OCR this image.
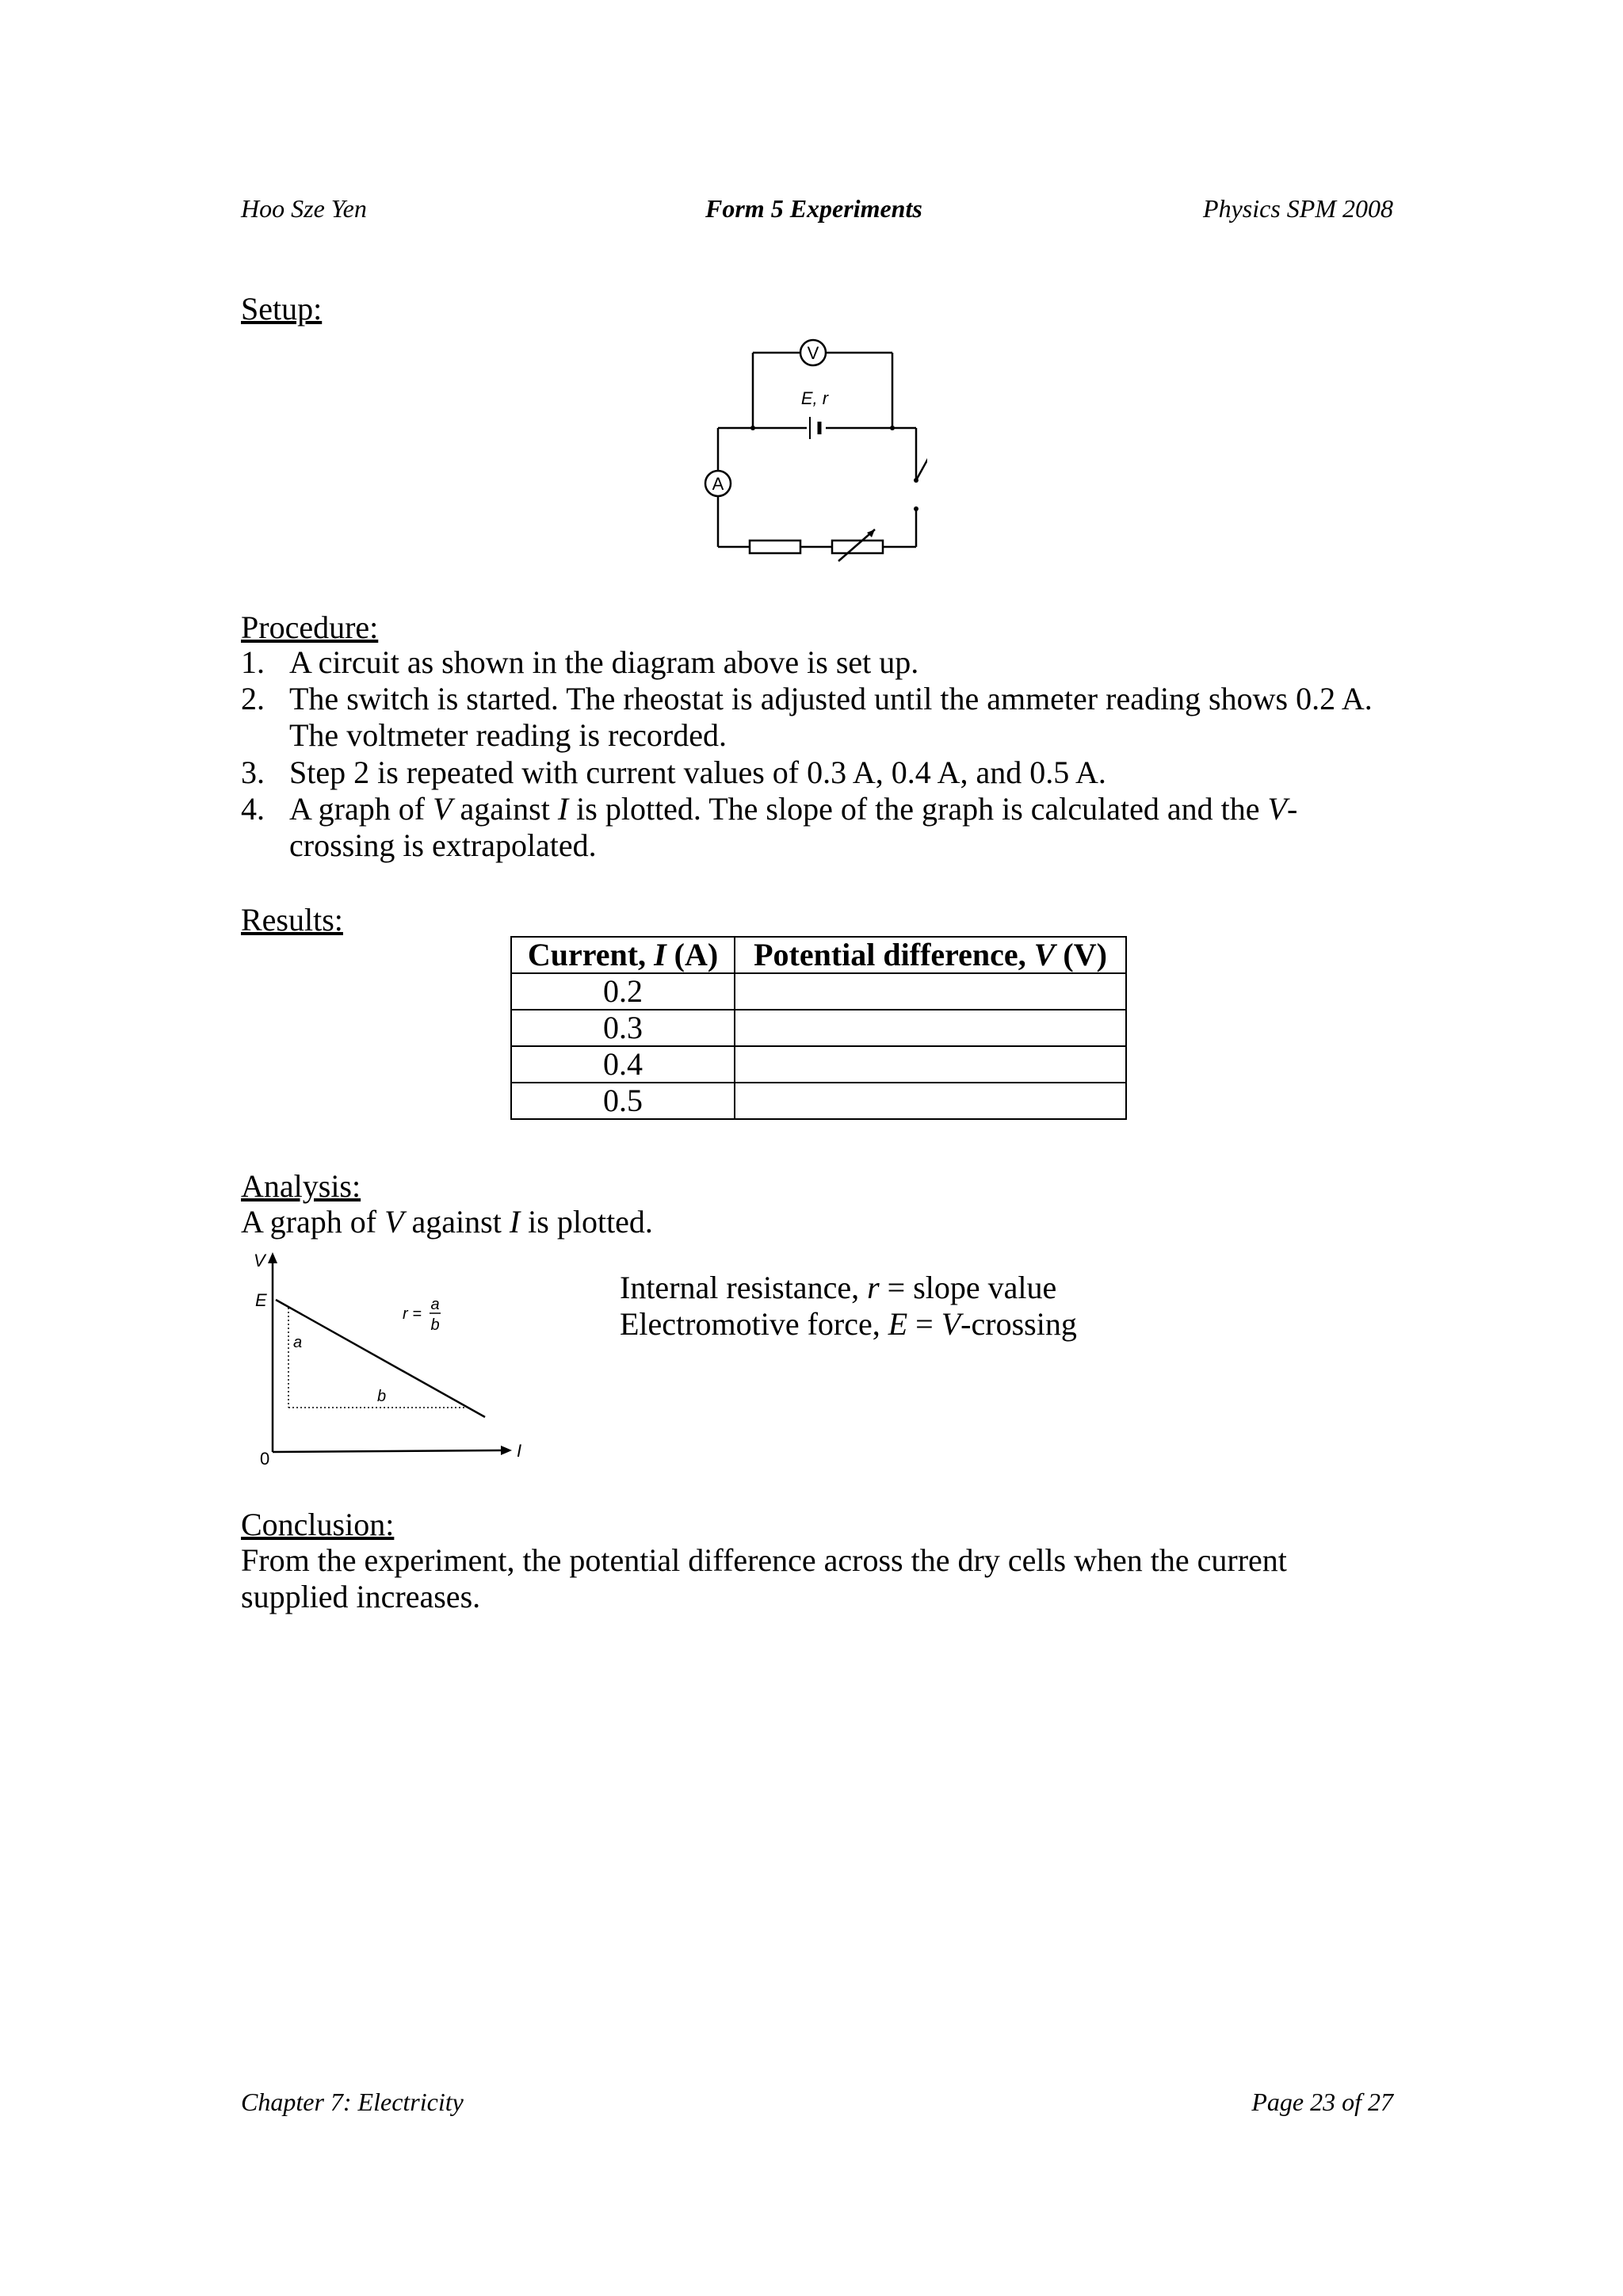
Hoo Sze Yen	Form 5 Experiments	Physics SPM 2008
Setup:
V
A
E, r
Procedure:
1. A circuit as shown in the diagram above is set up.
2. The switch is started. The rheostat is adjusted until the ammeter reading shows 0.2 A.
The voltmeter reading is recorded.
3. Step 2 is repeated with current values of 0.3 A, 0.4 A, and 0.5 A.
4. A graph of V against I is plotted. The slope of the graph is calculated and the V-
crossing is extrapolated.
Results:
Current, I (A)	Potential difference, V (V)
0.2	
0.3	
0.4	
0.5	
Analysis:
A graph of V against I is plotted.
V
I
0
E
r =
a
b
a
b
Internal resistance, r = slope value
Electromotive force, E = V-crossing
Conclusion:
From the experiment, the potential difference across the dry cells when the current
supplied increases.
Chapter 7: Electricity	Page 23 of 27
